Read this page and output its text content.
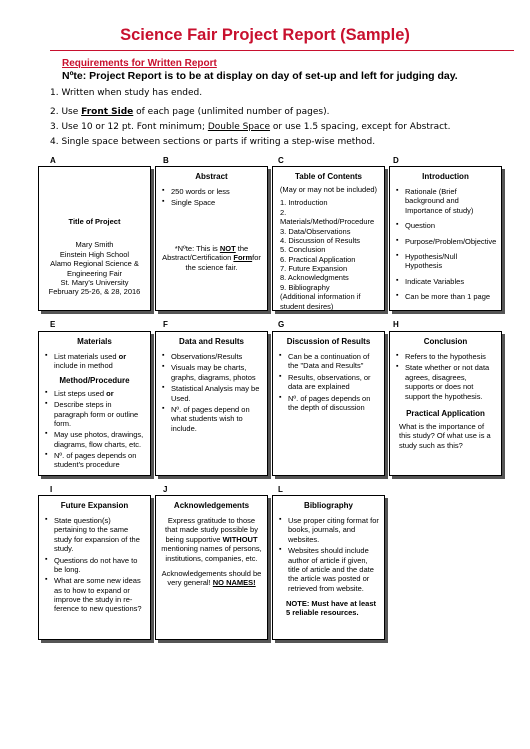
Science Fair Project Report (Sample)
Requirements for Written Report
Nºte: Project Report is to be at display on day of set-up and left for judging day.
1. Written when study has ended.
2. Use Front Side of each page (unlimited number of pages).
3. Use 10 or 12 pt. Font minimum; Double Space or use 1.5 spacing, except for Abstract.
4. Single space between sections or parts if writing a step-wise method.
A	B	C	D
Title of Project
Mary Smith
Einstein High School
Alamo Regional Science &
Engineering Fair
St. Mary's University
February 25-26, & 28, 2016
Abstract
▪ 250 words or less
▪ Single Space
*Nºte: This is NOT the Abstract/Certification Formfor the science fair.
Table of Contents
(May or may not be included)
1. Introduction
2. Materials/Method/Procedure
3. Data/Observations
4. Discussion of Results
5. Conclusion
6. Practical Application
7. Future Expansion
8. Acknowledgments
9. Bibliography
(Additional information if student desires)
Introduction
▪ Rationale (Brief background and Importance of study)
▪ Question
▪ Purpose/Problem/Objective
▪ Hypothesis/Null Hypothesis
▪ Indicate Variables
▪ Can be more than 1 page
E	F	G	H
Materials
▪ List materials used or include in method
Method/Procedure
▪ List steps used or
▪ Describe steps in paragraph form or outline form.
▪ May use photos, drawings, diagrams, flow charts, etc.
▪ Nº. of pages depends on student's procedure
Data and Results
▪ Observations/Results
▪ Visuals may be charts, graphs, diagrams, photos
▪ Statistical Analysis may be Used.
▪ Nº. of pages depend on what students wish to include.
Discussion of Results
▪ Can be a continuation of the "Data and Results"
▪ Results, observations, or data are explained
▪ Nº. of pages depends on the depth of discussion
Conclusion
▪ Refers to the hypothesis
▪ State whether or not data agrees, disagrees, supports or does not support the hypothesis.
Practical Application
What is the importance of this study? Of what use is a study such as this?
I	J	L
Future Expansion
▪ State question(s) pertaining to the same study for expansion of the study.
▪ Questions do not have to be long.
▪ What are some new ideas as to how to expand or improve the study in re-ference to new questions?
Acknowledgements

Express gratitude to those that made study possible by being supportive WITHOUT mentioning names of persons, institutions, companies, etc.

Acknowledgements should be very general! NO NAMES!

Bibliography
▪ Use proper citing format for books, journals, and websites.
▪ Websites should include author of article if given, title of article and the date the article was posted or retrieved from website.
NOTE: Must have at least 5 reliable resources.
